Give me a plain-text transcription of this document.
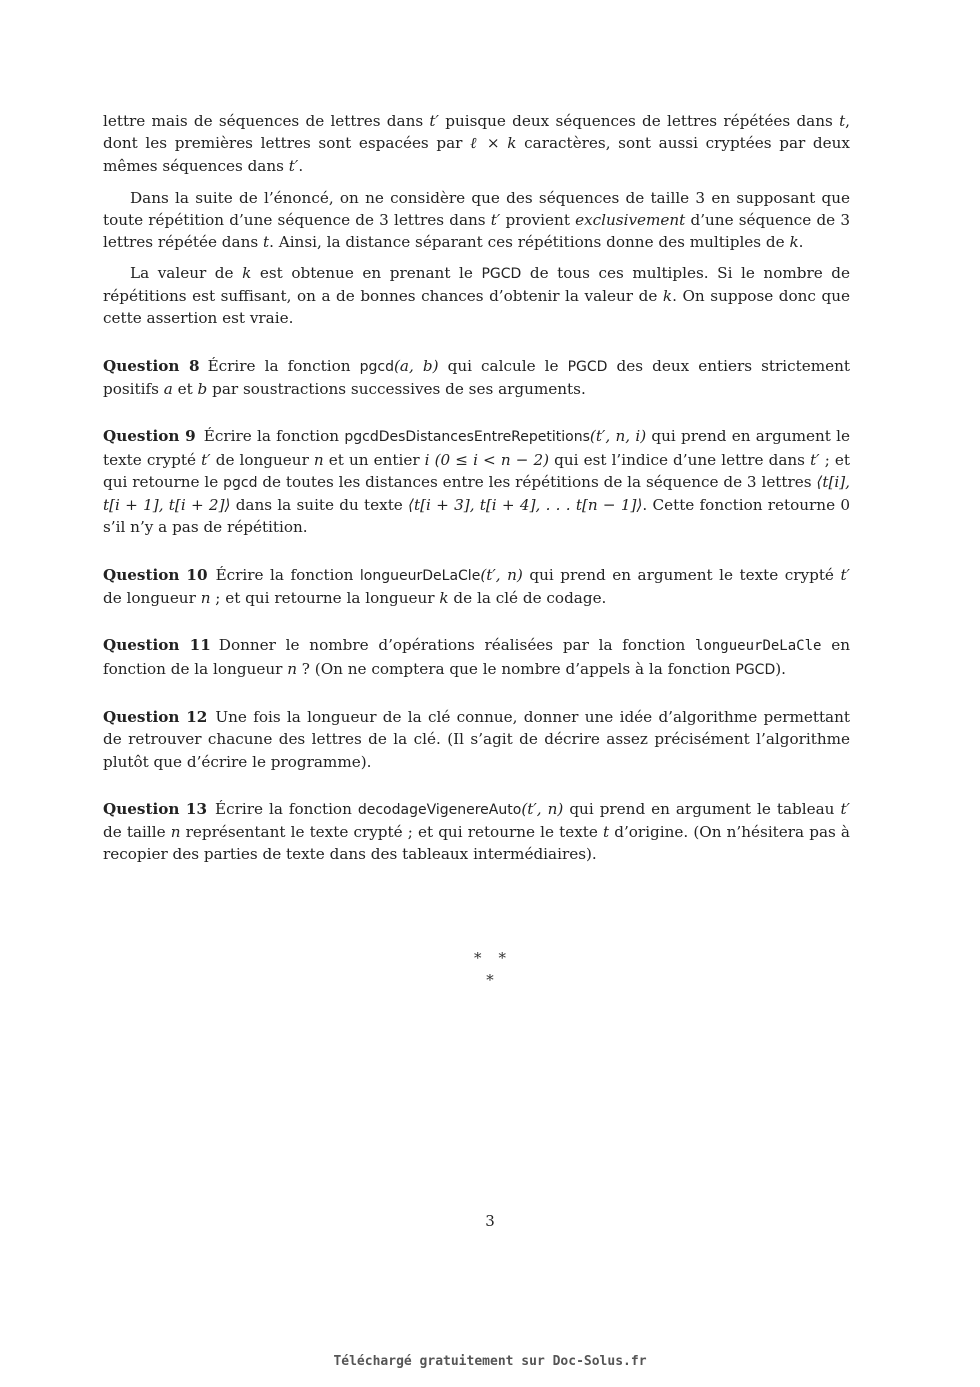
lettre mais de séquences de lettres dans t′ puisque deux séquences de lettres répétées dans t, dont les premières lettres sont espacées par ℓ × k caractères, sont aussi cryptées par deux mêmes séquences dans t′.

Dans la suite de l’énoncé, on ne considère que des séquences de taille 3 en supposant que toute répétition d’une séquence de 3 lettres dans t′ provient exclusivement d’une séquence de 3 lettres répétée dans t. Ainsi, la distance séparant ces répétitions donne des multiples de k.

La valeur de k est obtenue en prenant le PGCD de tous ces multiples. Si le nombre de répétitions est suffisant, on a de bonnes chances d’obtenir la valeur de k. On suppose donc que cette assertion est vraie.

Question 8 Écrire la fonction pgcd(a, b) qui calcule le PGCD des deux entiers strictement positifs a et b par soustractions successives de ses arguments.

Question 9 Écrire la fonction pgcdDesDistancesEntreRepetitions(t′, n, i) qui prend en argument le texte crypté t′ de longueur n et un entier i (0 ≤ i < n − 2) qui est l’indice d’une lettre dans t′ ; et qui retourne le pgcd de toutes les distances entre les répétitions de la séquence de 3 lettres ⟨t[i], t[i + 1], t[i + 2]⟩ dans la suite du texte ⟨t[i + 3], t[i + 4], . . . t[n − 1]⟩. Cette fonction retourne 0 s’il n’y a pas de répétition.

Question 10 Écrire la fonction longueurDeLaCle(t′, n) qui prend en argument le texte crypté t′ de longueur n ; et qui retourne la longueur k de la clé de codage.

Question 11 Donner le nombre d’opérations réalisées par la fonction longueurDeLaCle en fonction de la longueur n ? (On ne comptera que le nombre d’appels à la fonction PGCD).

Question 12 Une fois la longueur de la clé connue, donner une idée d’algorithme permettant de retrouver chacune des lettres de la clé. (Il s’agit de décrire assez précisément l’algorithme plutôt que d’écrire le programme).

Question 13 Écrire la fonction decodageVigenereAuto(t′, n) qui prend en argument le tableau t′ de taille n représentant le texte crypté ; et qui retourne le texte t d’origine. (On n’hésitera pas à recopier des parties de texte dans des tableaux intermédiaires).

∗   ∗
∗
3
Téléchargé gratuitement sur Doc-Solus.fr
